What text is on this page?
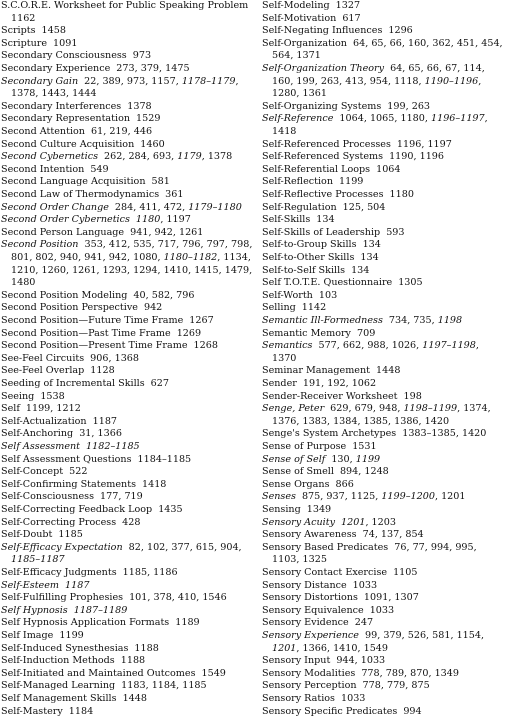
S.C.O.R.E. Worksheet for Public Speaking Problem1162
Scripts 1458
Scripture 1091
Secondary Consciousness 973
Secondary Experience 273, 379, 1475
Secondary Gain 22, 389, 973, 1157, 1178–1179, 1378, 1443, 1444
Secondary Interferences 1378
Secondary Representation 1529
Second Attention 61, 219, 446
Second Culture Acquisition 1460
Second Cybernetics 262, 284, 693, 1179, 1378
Second Intention 549
Second Language Acquisition 581
Second Law of Thermodynamics 361
Second Order Change 284, 411, 472, 1179–1180
Second Order Cybernetics 1180, 1197
Second Person Language 941, 942, 1261
Second Position 353, 412, 535, 717, 796, 797, 798, 801, 802, 940, 941, 942, 1080, 1180–1182, 1134, 1210, 1260, 1261, 1293, 1294, 1410, 1415, 1479, 1480
Second Position Modeling 40, 582, 796
Second Position Perspective 942
Second Position—Future Time Frame 1267
Second Position—Past Time Frame 1269
Second Position—Present Time Frame 1268
See-Feel Circuits 906, 1368
See-Feel Overlap 1128
Seeding of Incremental Skills 627
Seeing 1538
Self 1199, 1212
Self-Actualization 1187
Self-Anchoring 31, 1366
Self Assessment 1182–1185
Self Assessment Questions 1184–1185
Self-Concept 522
Self-Confirming Statements 1418
Self-Consciousness 177, 719
Self-Correcting Feedback Loop 1435
Self-Correcting Process 428
Self-Doubt 1185
Self-Efficacy Expectation 82, 102, 377, 615, 904, 1185–1187
Self-Efficacy Judgments 1185, 1186
Self-Esteem 1187
Self-Fulfilling Prophesies 101, 378, 410, 1546
Self Hypnosis 1187–1189
Self Hypnosis Application Formats 1189
Self Image 1199
Self-Induced Synesthesias 1188
Self-Induction Methods 1188
Self-Initiated and Maintained Outcomes 1549
Self-Managed Learning 1183, 1184, 1185
Self Management Skills 1448
Self-Mastery 1184
Self-Modeling 1327
Self-Motivation 617
Self-Negating Influences 1296
Self-Organization 64, 65, 66, 160, 362, 451, 454, 564, 1371
Self-Organization Theory 64, 65, 66, 67, 114, 160, 199, 263, 413, 954, 1118, 1190–1196, 1280, 1361
Self-Organizing Systems 199, 263
Self-Reference 1064, 1065, 1180, 1196–1197, 1418
Self-Referenced Processes 1196, 1197
Self-Referenced Systems 1190, 1196
Self-Referential Loops 1064
Self-Reflection 1199
Self-Reflective Processes 1180
Self-Regulation 125, 504
Self-Skills 134
Self-Skills of Leadership 593
Self-to-Group Skills 134
Self-to-Other Skills 134
Self-to-Self Skills 134
Self T.O.T.E. Questionnaire 1305
Self-Worth 103
Selling 1142
Semantic Ill-Formedness 734, 735, 1198
Semantic Memory 709
Semantics 577, 662, 988, 1026, 1197–1198, 1370
Seminar Management 1448
Sender 191, 192, 1062
Sender-Receiver Worksheet 198
Senge, Peter 629, 679, 948, 1198–1199, 1374, 1376, 1383, 1384, 1385, 1386, 1420
Senge's System Archetypes 1383–1385, 1420
Sense of Purpose 1531
Sense of Self 130, 1199
Sense of Smell 894, 1248
Sense Organs 866
Senses 875, 937, 1125, 1199–1200, 1201
Sensing 1349
Sensory Acuity 1201, 1203
Sensory Awareness 74, 137, 854
Sensory Based Predicates 76, 77, 994, 995, 1103, 1325
Sensory Contact Exercise 1105
Sensory Distance 1033
Sensory Distortions 1091, 1307
Sensory Equivalence 1033
Sensory Evidence 247
Sensory Experience 99, 379, 526, 581, 1154, 1201, 1366, 1410, 1549
Sensory Input 944, 1033
Sensory Modalities 778, 789, 870, 1349
Sensory Perception 778, 779, 875
Sensory Ratios 1033
Sensory Specific Predicates 994
